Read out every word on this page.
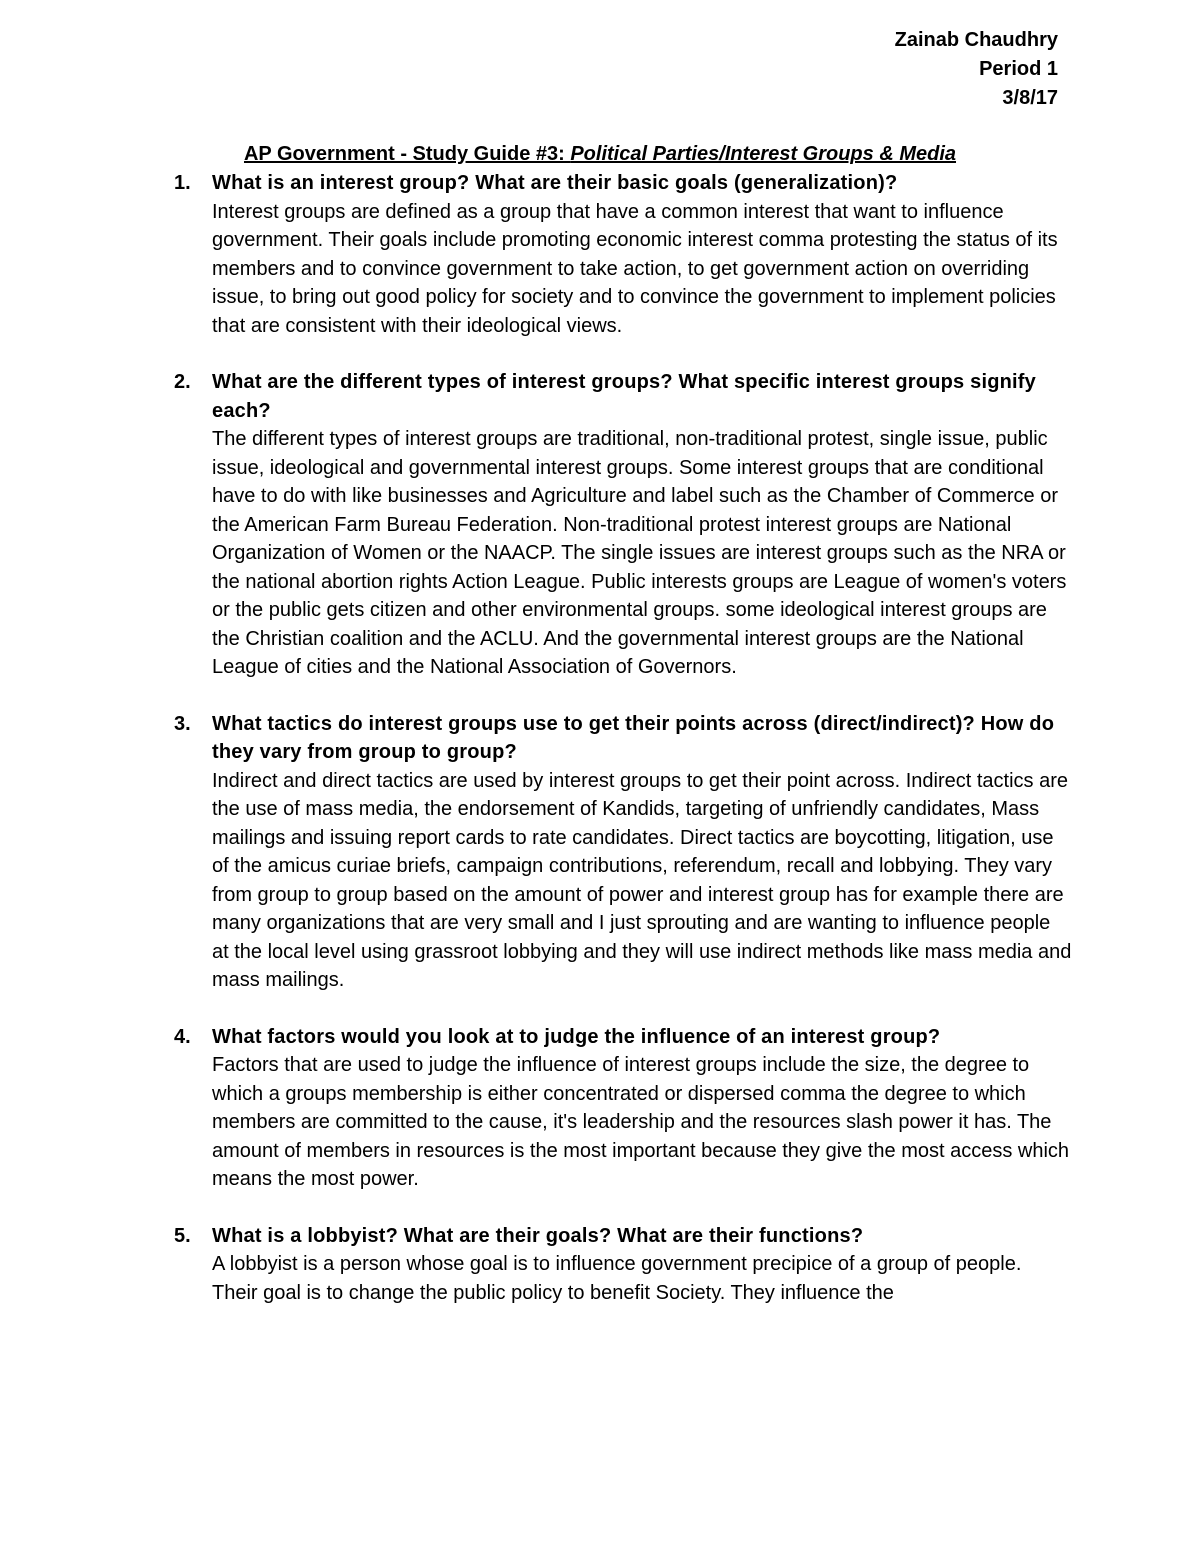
Zainab Chaudhry
Period 1
3/8/17
AP Government - Study Guide #3: Political Parties/Interest Groups & Media
1. What is an interest group? What are their basic goals (generalization)?
Interest groups are defined as a group that have a common interest that want to influence government. Their goals include promoting economic interest comma protesting the status of its members and to convince government to take action, to get government action on overriding issue, to bring out good policy for society and to convince the government to implement policies that are consistent with their ideological views.
2. What are the different types of interest groups? What specific interest groups signify each?
The different types of interest groups are traditional, non-traditional protest, single issue, public issue, ideological and governmental interest groups. Some interest groups that are conditional have to do with like businesses and Agriculture and label such as the Chamber of Commerce or the American Farm Bureau Federation. Non-traditional protest interest groups are National Organization of Women or the NAACP. The single issues are interest groups such as the NRA or the national abortion rights Action League. Public interests groups are League of women's voters or the public gets citizen and other environmental groups. some ideological interest groups are the Christian coalition and the ACLU. And the governmental interest groups are the National League of cities and the National Association of Governors.
3. What tactics do interest groups use to get their points across (direct/indirect)? How do they vary from group to group?
Indirect and direct tactics are used by interest groups to get their point across. Indirect tactics are the use of mass media, the endorsement of Kandids, targeting of unfriendly candidates, Mass mailings and issuing report cards to rate candidates. Direct tactics are boycotting, litigation, use of the amicus curiae briefs, campaign contributions, referendum, recall and lobbying. They vary from group to group based on the amount of power and interest group has for example there are many organizations that are very small and I just sprouting and are wanting to influence people at the local level using grassroot lobbying and they will use indirect methods like mass media and mass mailings.
4. What factors would you look at to judge the influence of an interest group?
Factors that are used to judge the influence of interest groups include the size, the degree to which a groups membership is either concentrated or dispersed comma the degree to which members are committed to the cause, it's leadership and the resources slash power it has. The amount of members in resources is the most important because they give the most access which means the most power.
5. What is a lobbyist? What are their goals? What are their functions?
A lobbyist is a person whose goal is to influence government precipice of a group of people. Their goal is to change the public policy to benefit Society. They influence the
